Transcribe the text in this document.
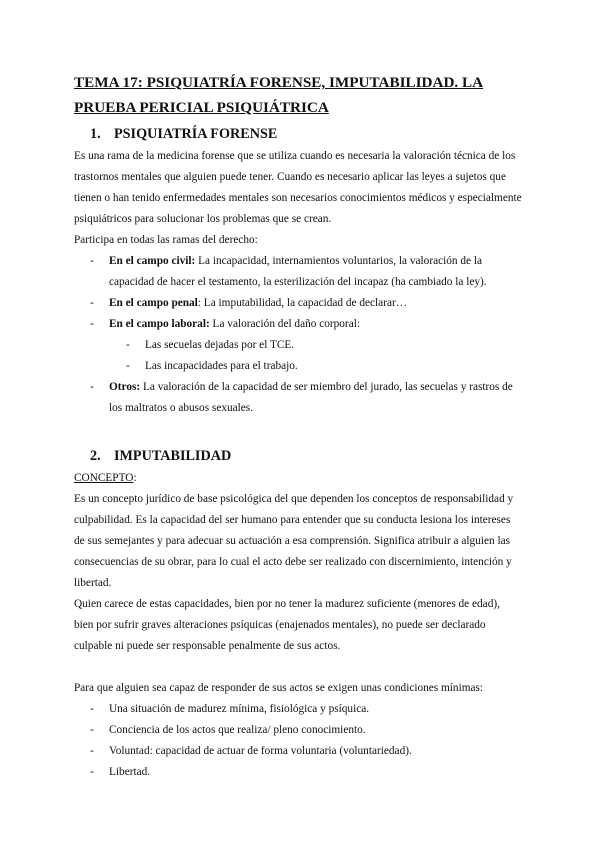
TEMA 17: PSIQUIATRÍA FORENSE, IMPUTABILIDAD. LA PRUEBA PERICIAL PSIQUIÁTRICA
1. PSIQUIATRÍA FORENSE

Es una rama de la medicina forense que se utiliza cuando es necesaria la valoración técnica de los trastornos mentales que alguien puede tener. Cuando es necesario aplicar las leyes a sujetos que tienen o han tenido enfermedades mentales son necesarios conocimientos médicos y especialmente psiquiátricos para solucionar los problemas que se crean.

Participa en todas las ramas del derecho:

- En el campo civil: La incapacidad, internamientos voluntarios, la valoración de la capacidad de hacer el testamento, la esterilización del incapaz (ha cambiado la ley).
- En el campo penal: La imputabilidad, la capacidad de declarar…
- En el campo laboral: La valoración del daño corporal:
- Las secuelas dejadas por el TCE.
- Las incapacidades para el trabajo.
- Otros: La valoración de la capacidad de ser miembro del jurado, las secuelas y rastros de los maltratos o abusos sexuales.
2. IMPUTABILIDAD

CONCEPTO:

Es un concepto jurídico de base psicológica del que dependen los conceptos de responsabilidad y culpabilidad. Es la capacidad del ser humano para entender que su conducta lesiona los intereses de sus semejantes y para adecuar su actuación a esa comprensión. Significa atribuir a alguien las consecuencias de su obrar, para lo cual el acto debe ser realizado con discernimiento, intención y libertad.

Quien carece de estas capacidades, bien por no tener la madurez suficiente (menores de edad), bien por sufrir graves alteraciones psíquicas (enajenados mentales), no puede ser declarado culpable ni puede ser responsable penalmente de sus actos.

Para que alguien sea capaz de responder de sus actos se exigen unas condiciones mínimas:

- Una situación de madurez mínima, fisiológica y psíquica.
- Conciencia de los actos que realiza/ pleno conocimiento.
- Voluntad: capacidad de actuar de forma voluntaria (voluntariedad).
- Libertad.
